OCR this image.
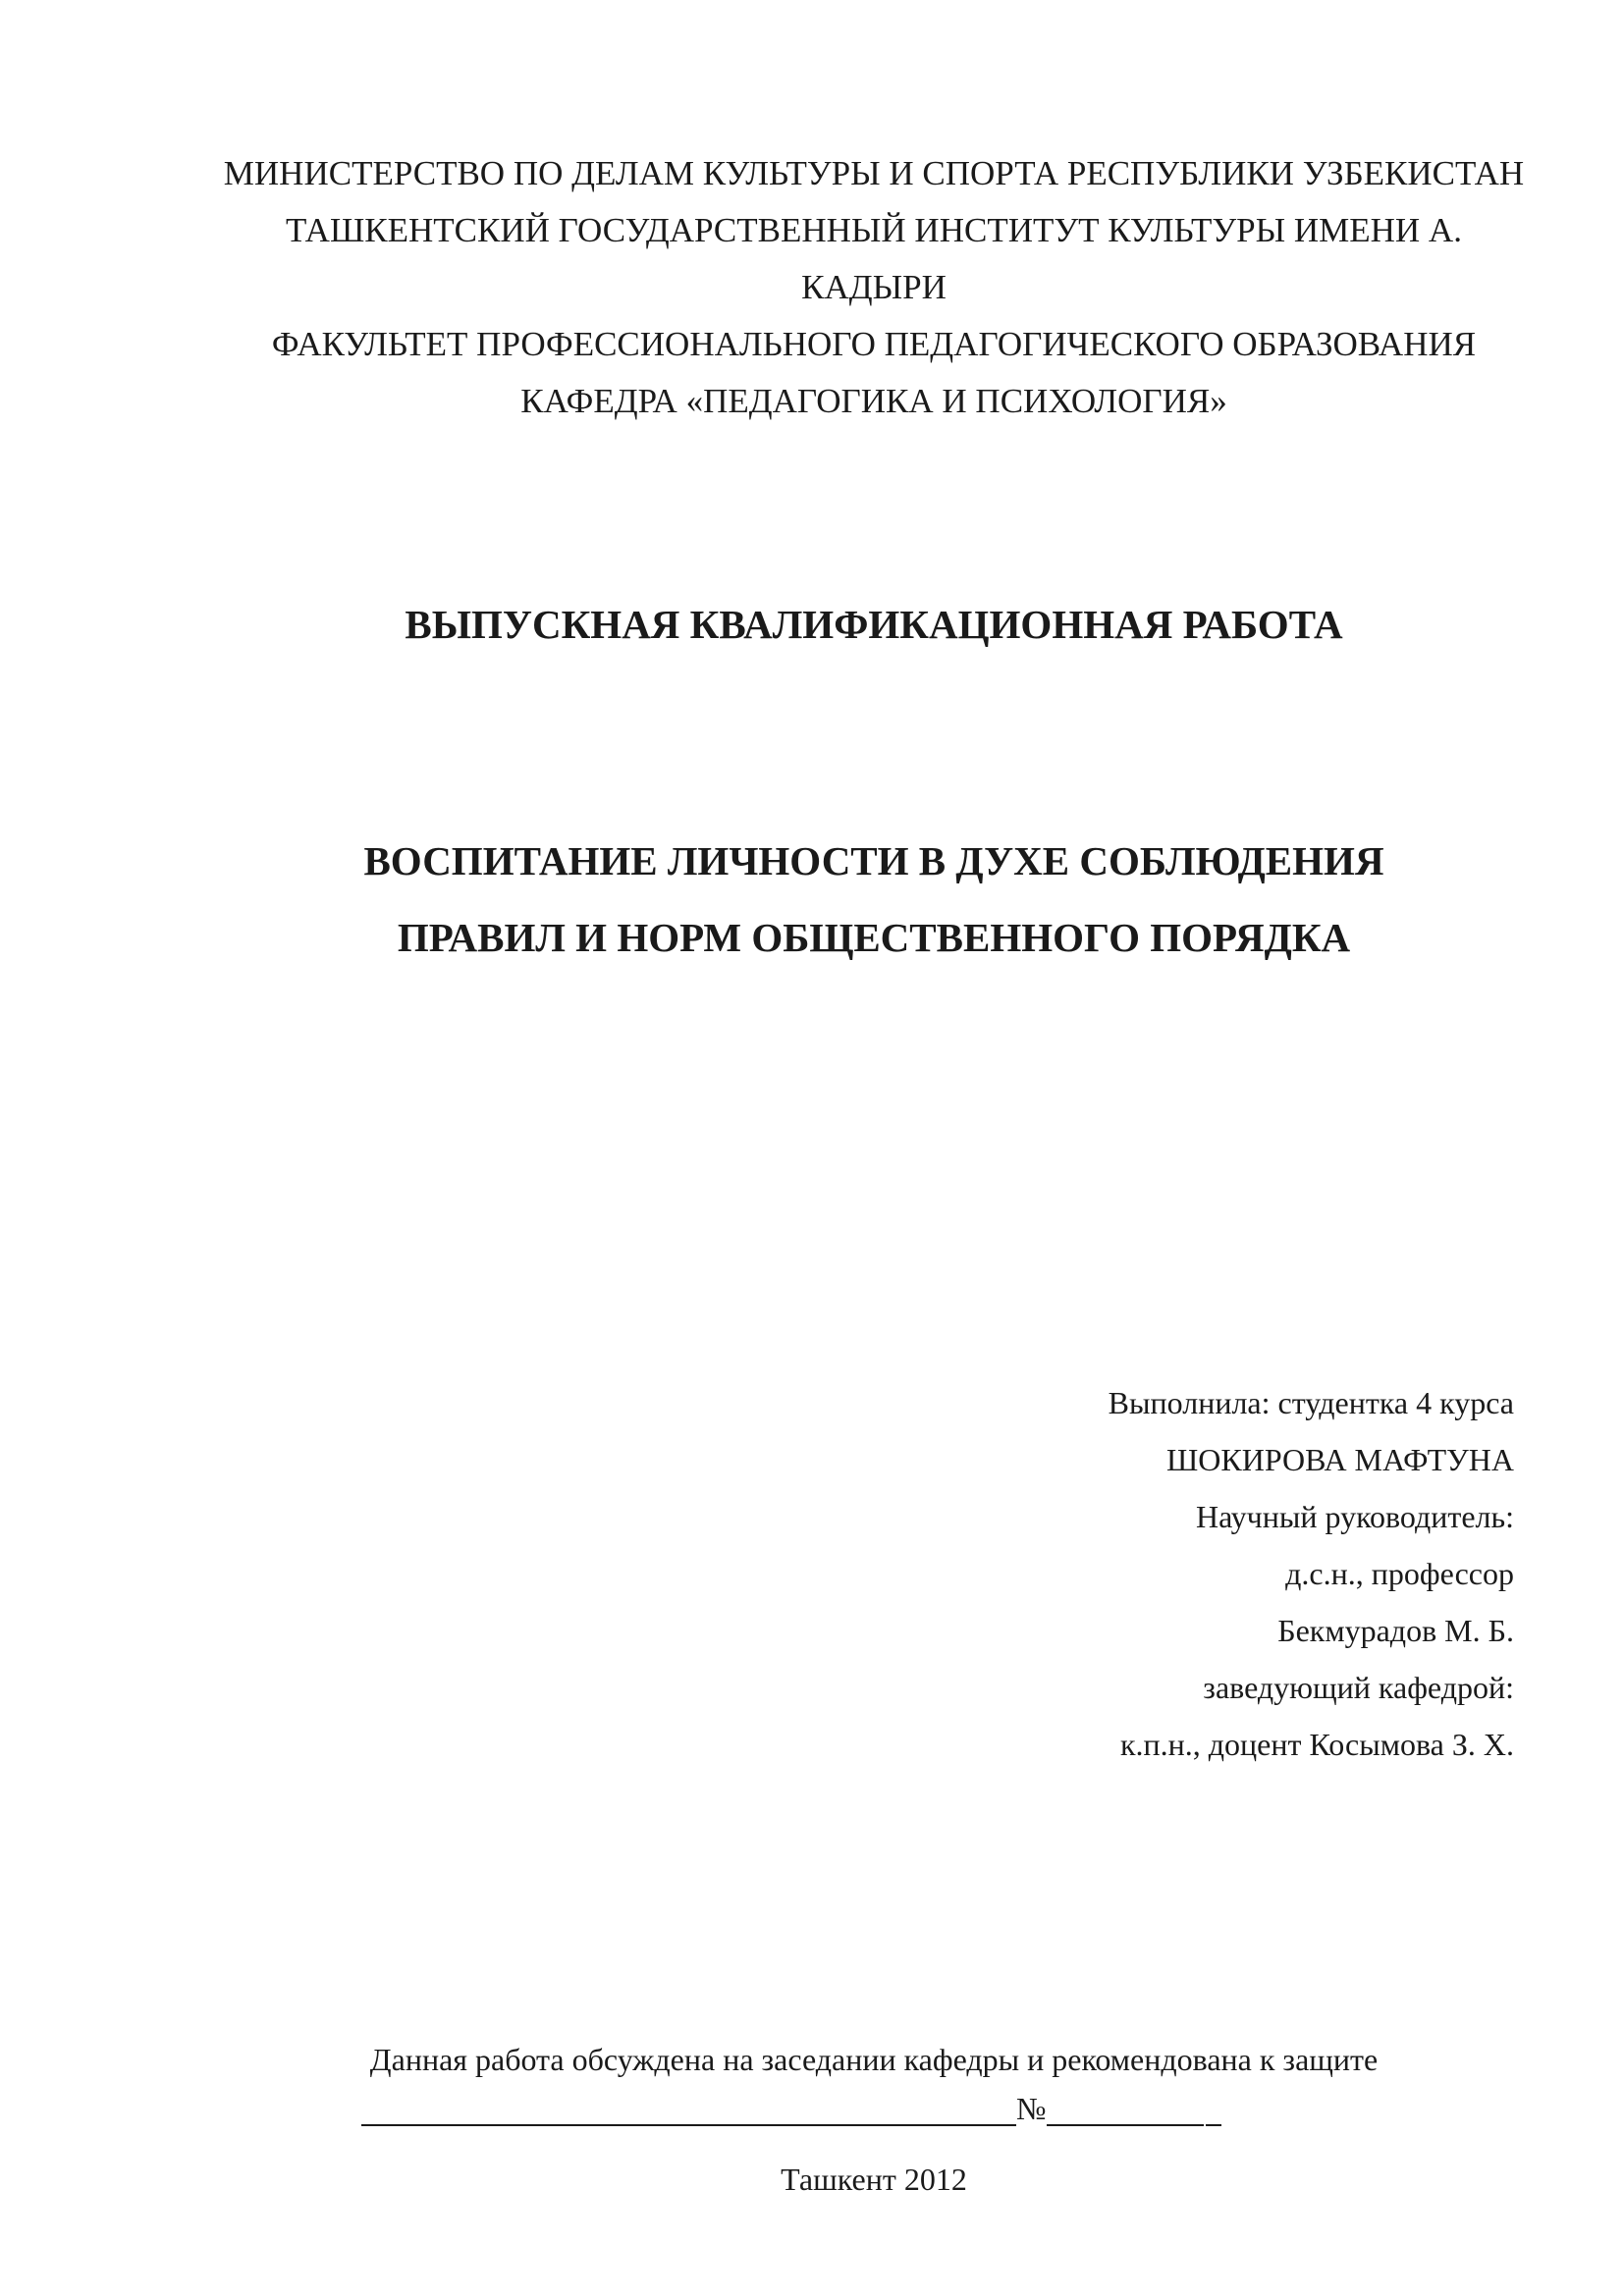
МИНИСТЕРСТВО ПО ДЕЛАМ КУЛЬТУРЫ И СПОРТА РЕСПУБЛИКИ УЗБЕКИСТАН
ТАШКЕНТСКИЙ ГОСУДАРСТВЕННЫЙ ИНСТИТУТ КУЛЬТУРЫ ИМЕНИ А.
КАДЫРИ
ФАКУЛЬТЕТ ПРОФЕССИОНАЛЬНОГО ПЕДАГОГИЧЕСКОГО ОБРАЗОВАНИЯ
КАФЕДРА «ПЕДАГОГИКА И ПСИХОЛОГИЯ»
ВЫПУСКНАЯ КВАЛИФИКАЦИОННАЯ РАБОТА
ВОСПИТАНИЕ ЛИЧНОСТИ В ДУХЕ СОБЛЮДЕНИЯ
ПРАВИЛ И НОРМ ОБЩЕСТВЕННОГО ПОРЯДКА
Выполнила: студентка 4 курса
ШОКИРОВА МАФТУНА
Научный руководитель:
д.с.н., профессор
Бекмурадов М. Б.
заведующий кафедрой:
к.п.н., доцент Косымова З. Х.
Данная работа обсуждена на заседании кафедры и рекомендована к защите
№
Ташкент 2012
